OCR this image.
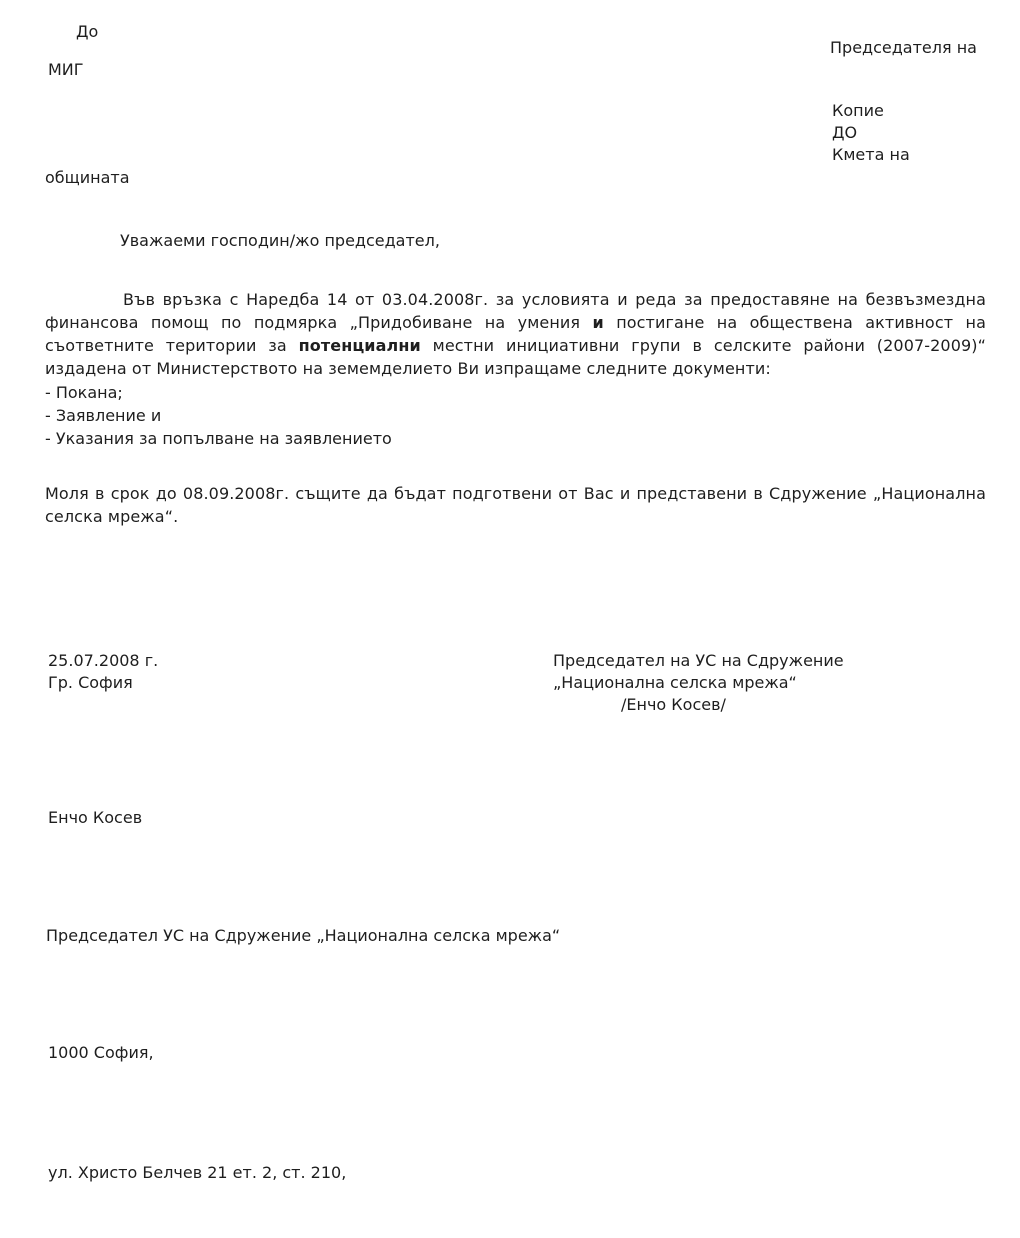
До
МИГ
Председателя на
Копие
ДО
Кмета на
общината
Уважаеми господин/жо председател,
Във връзка с Наредба 14 от 03.04.2008г. за условията и реда за предоставяне на безвъзмездна финансова помощ по подмярка „Придобиване на умения и постигане на обществена активност на съответните територии за потенциални местни инициативни групи в селските райони (2007-2009)“ издадена от Министерството на земемделието Ви изпращаме следните документи:
- Покана;
- Заявление и
- Указания за попълване на заявлението
Моля в срок до 08.09.2008г. същите да бъдат подготвени от Вас и представени в Сдружение „Национална селска мрежа“.
25.07.2008 г.
Гр. София
Председател на УС на Сдружение
„Национална селска мрежа“
/Енчо Косев/
Енчо Косев
Председател УС на Сдружение „Национална селска мрежа“
1000 София,
ул. Христо Белчев 21 ет. 2, ст. 210,
